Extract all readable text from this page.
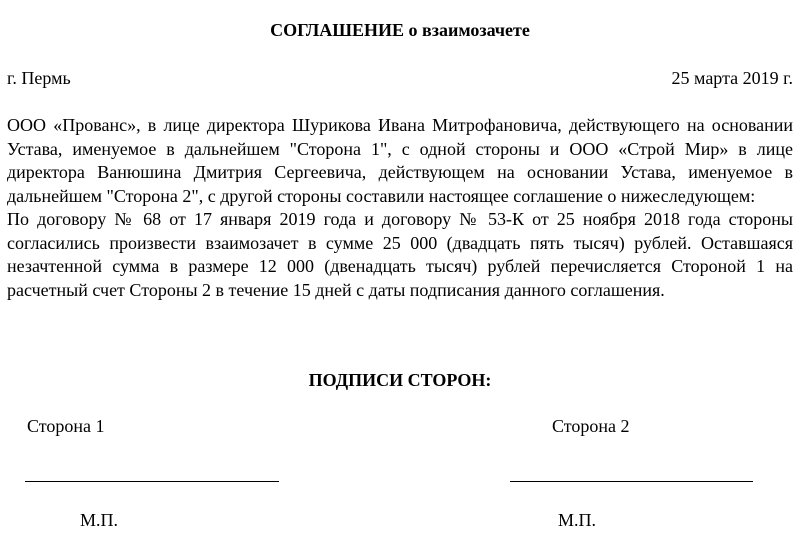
СОГЛАШЕНИЕ о взаимозачете
г. Пермь	25 марта 2019 г.

ООО «Прованс», в лице директора Шурикова Ивана Митрофановича, действующего на основании Устава, именуемое в дальнейшем "Сторона 1", с одной стороны и ООО «Строй Мир» в лице директора Ванюшина Дмитрия Сергеевича, действующем на основании Устава, именуемое в дальнейшем "Сторона 2", с другой стороны составили настоящее соглашение о нижеследующем:

По договору № 68 от 17 января 2019 года и договору № 53-К от 25 ноября 2018 года стороны согласились произвести взаимозачет в сумме 25 000 (двадцать пять тысяч) рублей. Оставшаяся незачтенной сумма в размере 12 000 (двенадцать тысяч) рублей перечисляется Стороной 1 на расчетный счет Стороны 2 в течение 15 дней с даты подписания данного соглашения.

ПОДПИСИ СТОРОН:
Сторона 1	Сторона 2
М.П.	М.П.
